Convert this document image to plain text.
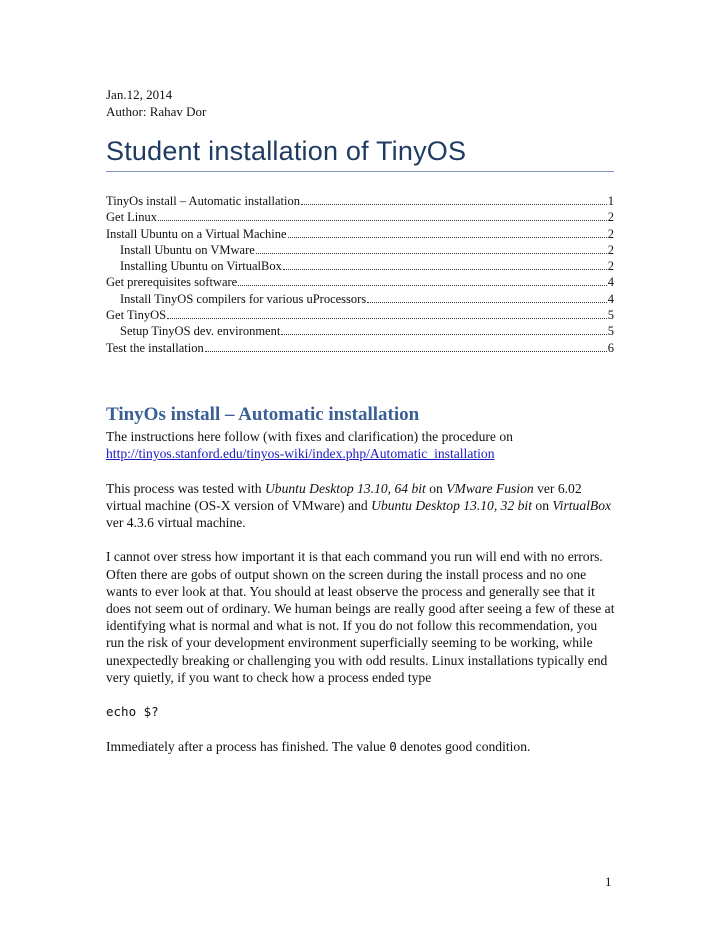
Jan.12, 2014
Author: Rahav Dor
Student installation of TinyOS
TinyOs install – Automatic installation	1
Get Linux	2
Install Ubuntu on a Virtual Machine	2
Install Ubuntu on VMware	2
Installing Ubuntu on VirtualBox	2
Get prerequisites software	4
Install TinyOS compilers for various uProcessors	4
Get TinyOS	5
Setup TinyOS dev. environment	5
Test the installation	6
TinyOs install – Automatic installation

The instructions here follow (with fixes and clarification) the procedure on
http://tinyos.stanford.edu/tinyos-wiki/index.php/Automatic_installation

This process was tested with Ubuntu Desktop 13.10, 64 bit on VMware Fusion ver 6.02 virtual machine (OS-X version of VMware) and Ubuntu Desktop 13.10, 32 bit on VirtualBox ver 4.3.6 virtual machine.

I cannot over stress how important it is that each command you run will end with no errors. Often there are gobs of output shown on the screen during the install process and no one wants to ever look at that. You should at least observe the process and generally see that it does not seem out of ordinary. We human beings are really good after seeing a few of these at identifying what is normal and what is not. If you do not follow this recommendation, you run the risk of your development environment superficially seeming to be working, while unexpectedly breaking or challenging you with odd results. Linux installations typically end very quietly, if you want to check how a process ended type

echo $?

Immediately after a process has finished. The value 0 denotes good condition.

1
